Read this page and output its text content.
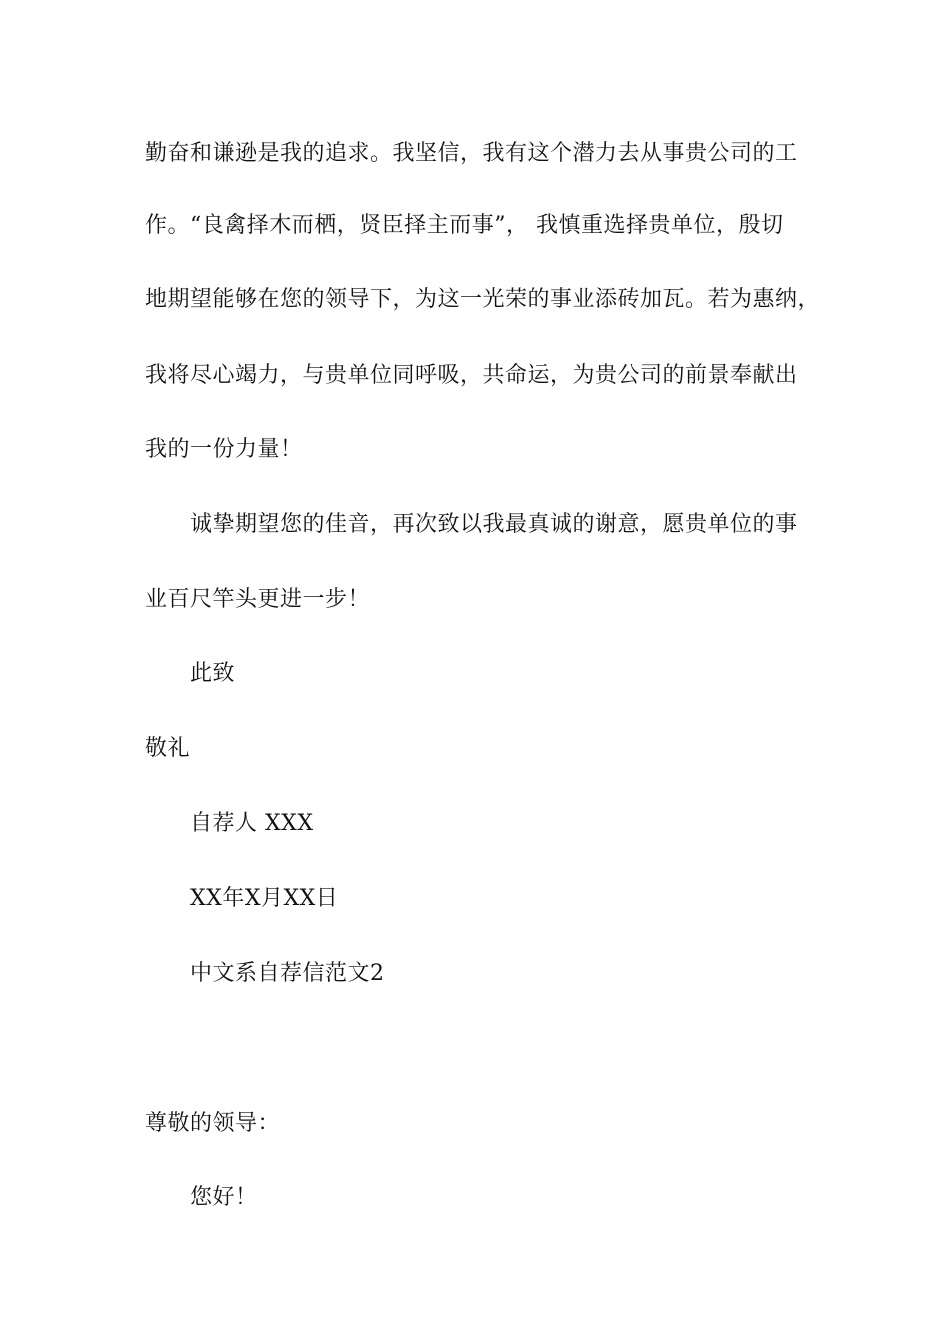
勤奋和谦逊是我的追求。我坚信，我有这个潜力去从事贵公司的工
作。“良禽择木而栖，贤臣择主而事”， 我慎重选择贵单位，殷切
地期望能够在您的领导下，为这一光荣的事业添砖加瓦。若为惠纳，
我将尽心竭力，与贵单位同呼吸，共命运，为贵公司的前景奉献出
我的一份力量！
诚挚期望您的佳音，再次致以我最真诚的谢意，愿贵单位的事
业百尺竿头更进一步！
此致
敬礼
自荐人 XXX
XX年X月XX日
中文系自荐信范文2
尊敬的领导：
您好！
